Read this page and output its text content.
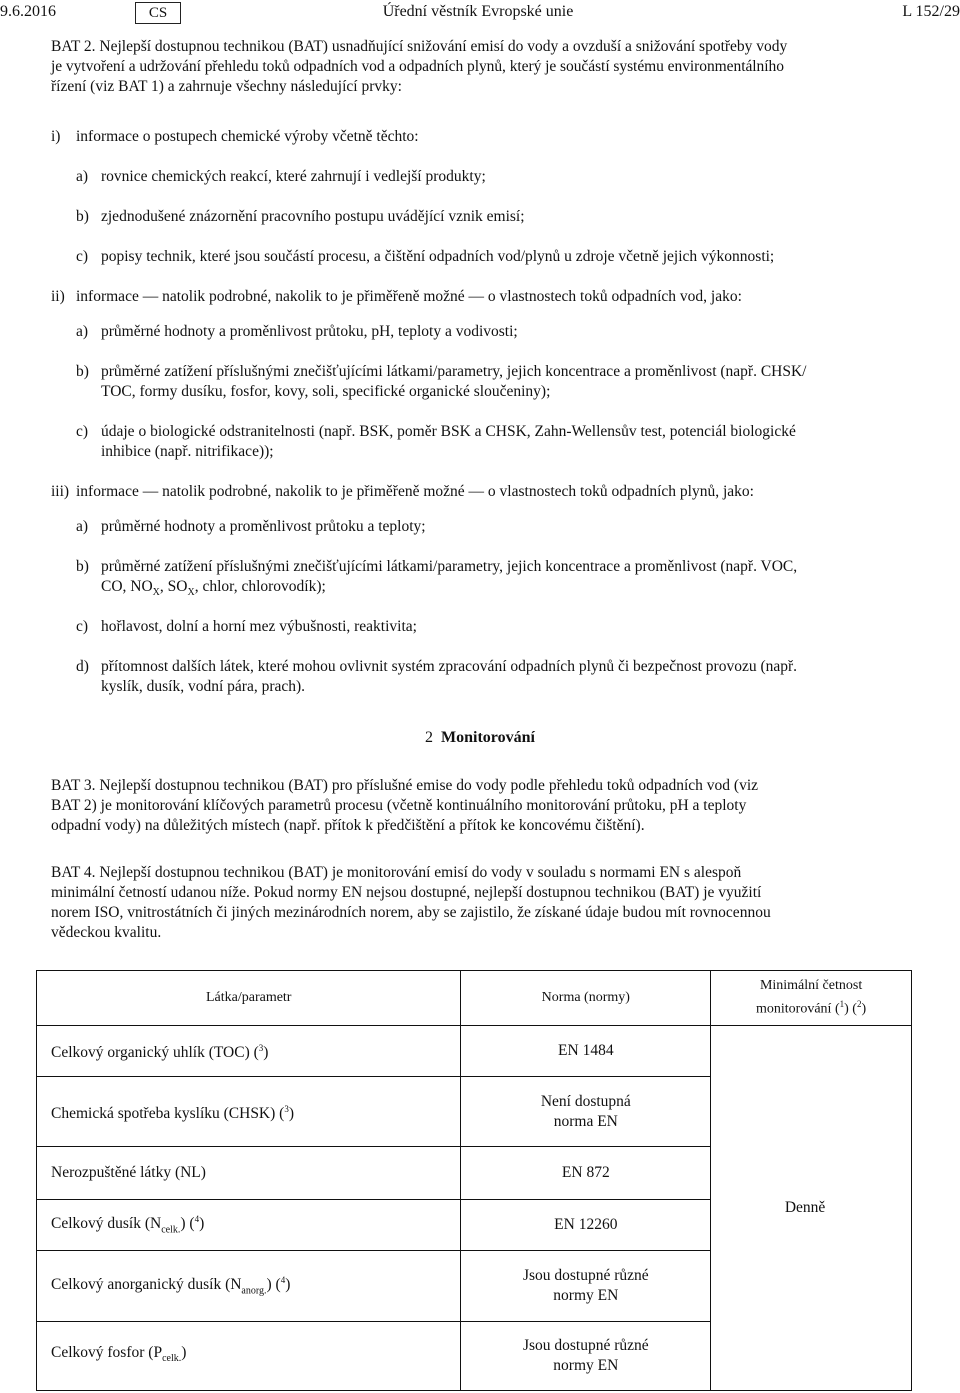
9.6.2016	CS	Úřední věstník Evropské unie	L 152/29
BAT 2. Nejlepší dostupnou technikou (BAT) usnadňující snižování emisí do vody a ovzduší a snižování spotřeby vody
je vytvoření a udržování přehledu toků odpadních vod a odpadních plynů, který je součástí systému environmentálního
řízení (viz BAT 1) a zahrnuje všechny následující prvky:
i) informace o postupech chemické výroby včetně těchto:
a) rovnice chemických reakcí, které zahrnují i vedlejší produkty;
b) zjednodušené znázornění pracovního postupu uvádějící vznik emisí;
c) popisy technik, které jsou součástí procesu, a čištění odpadních vod/plynů u zdroje včetně jejich výkonnosti;
ii) informace — natolik podrobné, nakolik to je přiměřeně možné — o vlastnostech toků odpadních vod, jako:
a) průměrné hodnoty a proměnlivost průtoku, pH, teploty a vodivosti;
b) průměrné zatížení příslušnými znečišťujícími látkami/parametry, jejich koncentrace a proměnlivost (např. CHSK/
TOC, formy dusíku, fosfor, kovy, soli, specifické organické sloučeniny);
c) údaje o biologické odstranitelnosti (např. BSK, poměr BSK a CHSK, Zahn-Wellensův test, potenciál biologické
inhibice (např. nitrifikace));
iii) informace — natolik podrobné, nakolik to je přiměřeně možné — o vlastnostech toků odpadních plynů, jako:
a) průměrné hodnoty a proměnlivost průtoku a teploty;
b) průměrné zatížení příslušnými znečišťujícími látkami/parametry, jejich koncentrace a proměnlivost (např. VOC,
CO, $NO_X$, $SO_X$, chlor, chlorovodík);
c) hořlavost, dolní a horní mez výbušnosti, reaktivita;
d) přítomnost dalších látek, které mohou ovlivnit systém zpracování odpadních plynů či bezpečnost provozu (např.
kyslík, dusík, vodní pára, prach).
2 Monitorování
BAT 3. Nejlepší dostupnou technikou (BAT) pro příslušné emise do vody podle přehledu toků odpadních vod (viz
BAT 2) je monitorování klíčových parametrů procesu (včetně kontinuálního monitorování průtoku, pH a teploty
odpadní vody) na důležitých místech (např. přítok k předčištění a přítok ke koncovému čištění).
BAT 4. Nejlepší dostupnou technikou (BAT) je monitorování emisí do vody v souladu s normami EN s alespoň
minimální četností udanou níže. Pokud normy EN nejsou dostupné, nejlepší dostupnou technikou (BAT) je využití
norem ISO, vnitrostátních či jiných mezinárodních norem, aby se zajistilo, že získané údaje budou mít rovnocennou
vědeckou kvalitu.
Látka/parametr	Norma (normy)	Minimální četnost
monitorování ($^1$) ($^2$)

Celkový organický uhlík (TOC) ($^3$)	EN 1484	Denně
Chemická spotřeba kyslíku (CHSK) ($^3$)	Není dostupná
norma EN	

Nerozpuštěné látky (NL)	EN 872	
Celkový dusík $(N_{celk.})$ ($^4$)	EN 12260	
Celkový anorganický dusík $(N_{anorg.})$ ($^4$)	Jsou dostupné různé
normy EN	

Celkový fosfor $(P_{celk.})$	Jsou dostupné různé
normy EN	
